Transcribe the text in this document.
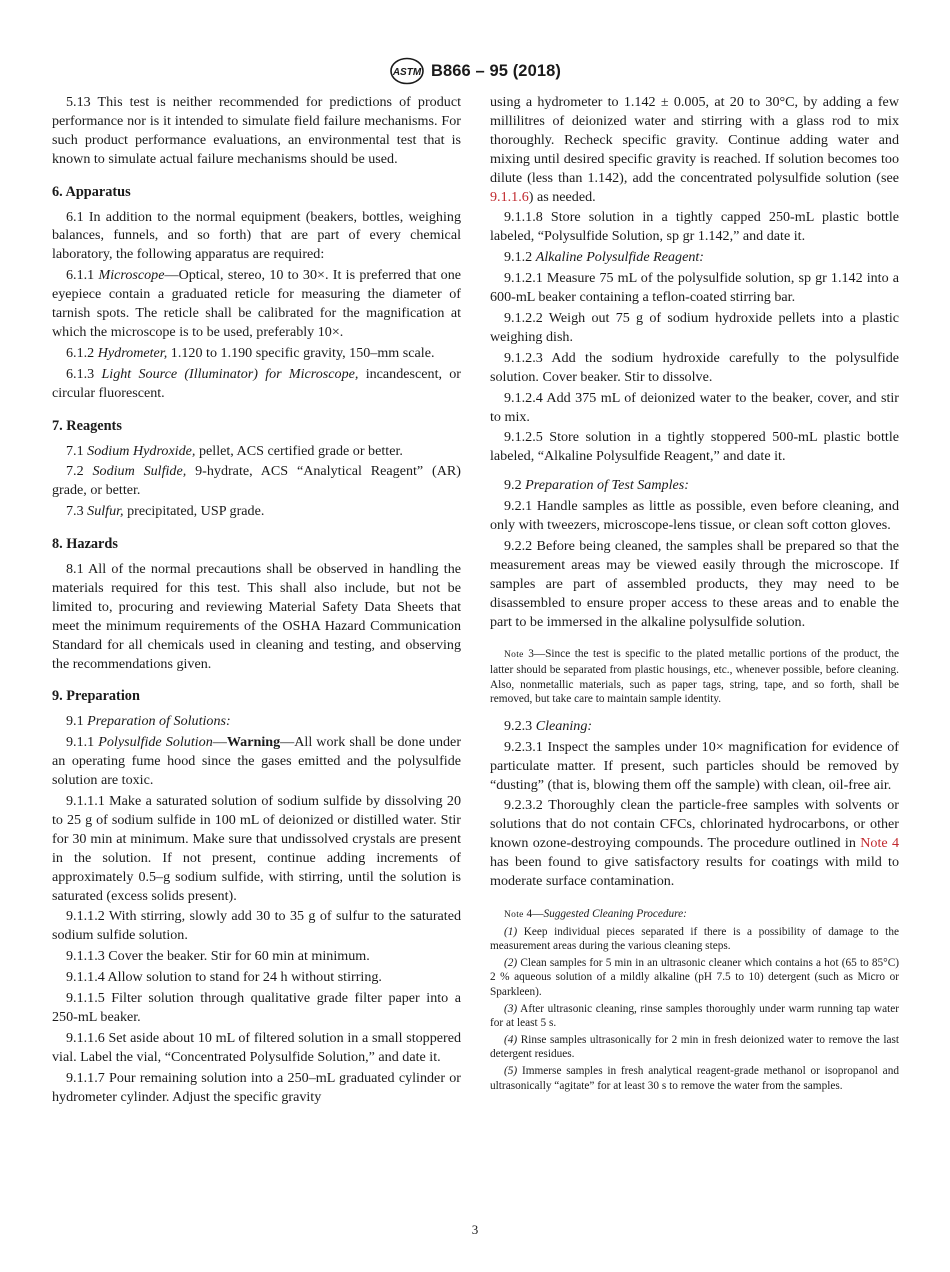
ASTM B866 – 95 (2018)

5.13 This test is neither recommended for predictions of product performance nor is it intended to simulate field failure mechanisms. For such product performance evaluations, an environmental test that is known to simulate actual failure mechanisms should be used.

6. Apparatus

6.1 In addition to the normal equipment (beakers, bottles, weighing balances, funnels, and so forth) that are part of every chemical laboratory, the following apparatus are required:

6.1.1 Microscope—Optical, stereo, 10 to 30×. It is preferred that one eyepiece contain a graduated reticle for measuring the diameter of tarnish spots. The reticle shall be calibrated for the magnification at which the microscope is to be used, preferably 10×.

6.1.2 Hydrometer, 1.120 to 1.190 specific gravity, 150–mm scale.

6.1.3 Light Source (Illuminator) for Microscope, incandescent, or circular fluorescent.

7. Reagents

7.1 Sodium Hydroxide, pellet, ACS certified grade or better.

7.2 Sodium Sulfide, 9-hydrate, ACS “Analytical Reagent” (AR) grade, or better.

7.3 Sulfur, precipitated, USP grade.

8. Hazards

8.1 All of the normal precautions shall be observed in handling the materials required for this test. This shall also include, but not be limited to, procuring and reviewing Material Safety Data Sheets that meet the minimum requirements of the OSHA Hazard Communication Standard for all chemicals used in cleaning and testing, and observing the recommendations given.

9. Preparation

9.1 Preparation of Solutions:

9.1.1 Polysulfide Solution—Warning—All work shall be done under an operating fume hood since the gases emitted and the polysulfide solution are toxic.

9.1.1.1 Make a saturated solution of sodium sulfide by dissolving 20 to 25 g of sodium sulfide in 100 mL of deionized or distilled water. Stir for 30 min at minimum. Make sure that undissolved crystals are present in the solution. If not present, continue adding increments of approximately 0.5–g sodium sulfide, with stirring, until the solution is saturated (excess solids present).

9.1.1.2 With stirring, slowly add 30 to 35 g of sulfur to the saturated sodium sulfide solution.

9.1.1.3 Cover the beaker. Stir for 60 min at minimum.

9.1.1.4 Allow solution to stand for 24 h without stirring.

9.1.1.5 Filter solution through qualitative grade filter paper into a 250-mL beaker.

9.1.1.6 Set aside about 10 mL of filtered solution in a small stoppered vial. Label the vial, “Concentrated Polysulfide Solution,” and date it.

9.1.1.7 Pour remaining solution into a 250–mL graduated cylinder or hydrometer cylinder. Adjust the specific gravity

using a hydrometer to 1.142 ± 0.005, at 20 to 30°C, by adding a few millilitres of deionized water and stirring with a glass rod to mix thoroughly. Recheck specific gravity. Continue adding water and mixing until desired specific gravity is reached. If solution becomes too dilute (less than 1.142), add the concentrated polysulfide solution (see 9.1.1.6) as needed.

9.1.1.8 Store solution in a tightly capped 250-mL plastic bottle labeled, “Polysulfide Solution, sp gr 1.142,” and date it.

9.1.2 Alkaline Polysulfide Reagent:

9.1.2.1 Measure 75 mL of the polysulfide solution, sp gr 1.142 into a 600-mL beaker containing a teflon-coated stirring bar.

9.1.2.2 Weigh out 75 g of sodium hydroxide pellets into a plastic weighing dish.

9.1.2.3 Add the sodium hydroxide carefully to the polysulfide solution. Cover beaker. Stir to dissolve.

9.1.2.4 Add 375 mL of deionized water to the beaker, cover, and stir to mix.

9.1.2.5 Store solution in a tightly stoppered 500-mL plastic bottle labeled, “Alkaline Polysulfide Reagent,” and date it.

9.2 Preparation of Test Samples:

9.2.1 Handle samples as little as possible, even before cleaning, and only with tweezers, microscope-lens tissue, or clean soft cotton gloves.

9.2.2 Before being cleaned, the samples shall be prepared so that the measurement areas may be viewed easily through the microscope. If samples are part of assembled products, they may need to be disassembled to ensure proper access to these areas and to enable the part to be immersed in the alkaline polysulfide solution.

Note 3—Since the test is specific to the plated metallic portions of the product, the latter should be separated from plastic housings, etc., whenever possible, before cleaning. Also, nonmetallic materials, such as paper tags, string, tape, and so forth, shall be removed, but take care to maintain sample identity.

9.2.3 Cleaning:

9.2.3.1 Inspect the samples under 10× magnification for evidence of particulate matter. If present, such particles should be removed by “dusting” (that is, blowing them off the sample) with clean, oil-free air.

9.2.3.2 Thoroughly clean the particle-free samples with solvents or solutions that do not contain CFCs, chlorinated hydrocarbons, or other known ozone-destroying compounds. The procedure outlined in Note 4 has been found to give satisfactory results for coatings with mild to moderate surface contamination.

Note 4—Suggested Cleaning Procedure:

(1) Keep individual pieces separated if there is a possibility of damage to the measurement areas during the various cleaning steps.

(2) Clean samples for 5 min in an ultrasonic cleaner which contains a hot (65 to 85°C) 2 % aqueous solution of a mildly alkaline (pH 7.5 to 10) detergent (such as Micro or Sparkleen).

(3) After ultrasonic cleaning, rinse samples thoroughly under warm running tap water for at least 5 s.

(4) Rinse samples ultrasonically for 2 min in fresh deionized water to remove the last detergent residues.

(5) Immerse samples in fresh analytical reagent-grade methanol or isopropanol and ultrasonically “agitate” for at least 30 s to remove the water from the samples.

3
